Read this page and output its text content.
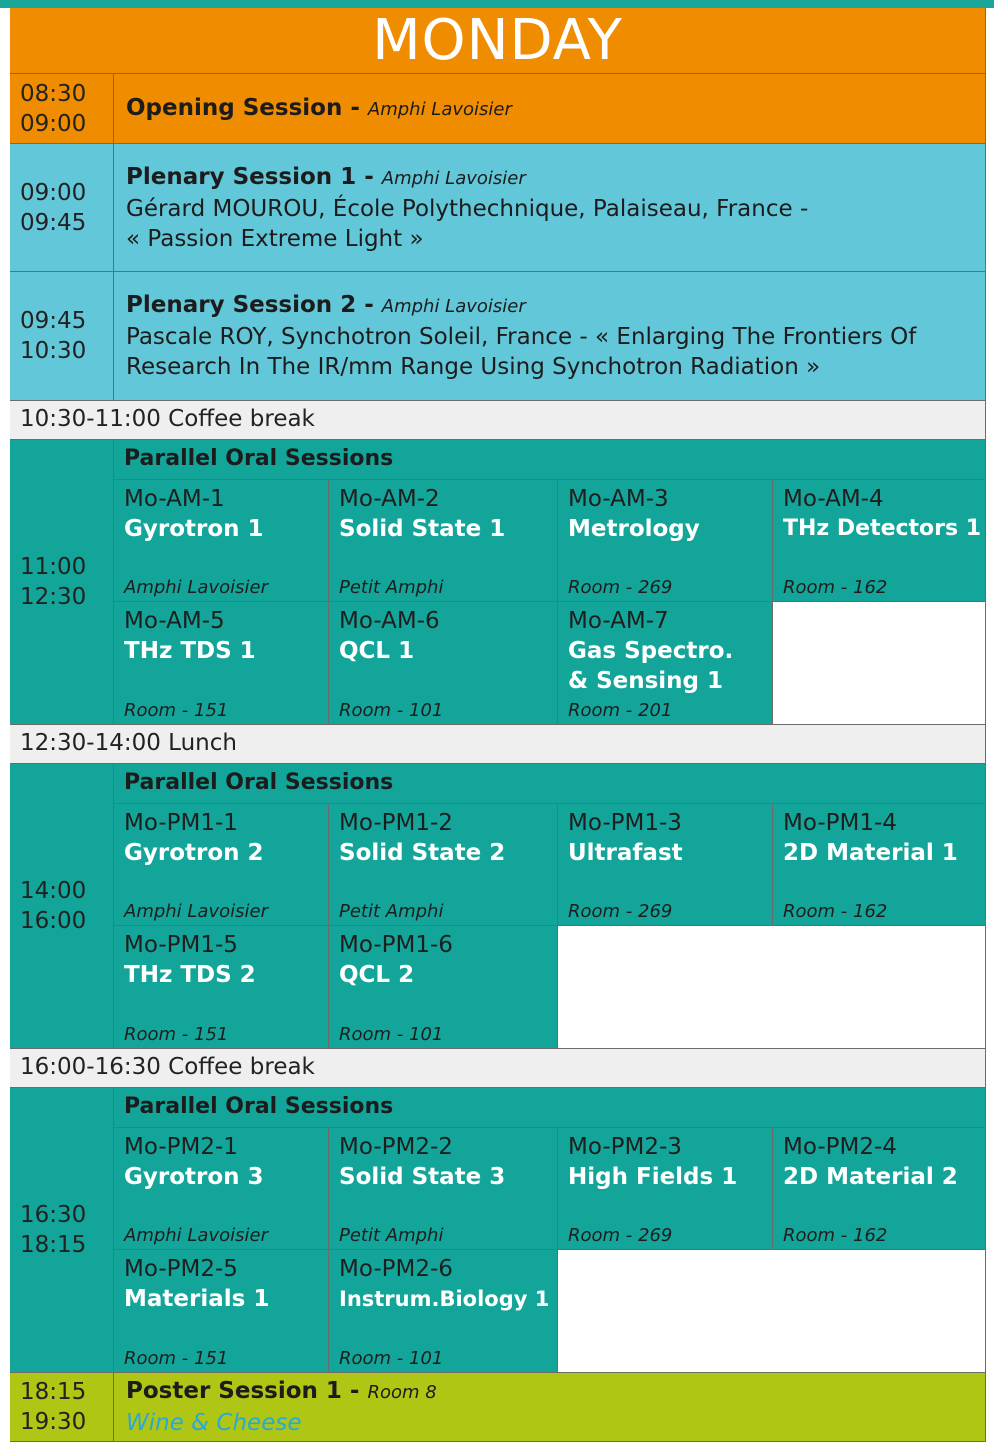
MONDAY
08:30
09:00
Opening Session - Amphi Lavoisier
09:00
09:45
Plenary Session 1 - Amphi Lavoisier
Gérard MOUROU, École Polythechnique, Palaiseau, France -
« Passion Extreme Light »
09:45
10:30
Plenary Session 2 - Amphi Lavoisier
Pascale ROY, Synchotron Soleil, France - « Enlarging The Frontiers Of
Research In The IR/mm Range Using Synchotron Radiation »
10:30-11:00 Coffee break
11:00
12:30
Parallel Oral Sessions
Mo-AM-1
Gyrotron 1
Amphi Lavoisier
Mo-AM-2
Solid State 1
Petit Amphi
Mo-AM-3
Metrology
Room - 269
Mo-AM-4
THz Detectors 1
Room - 162
Mo-AM-5
THz TDS 1
Room - 151
Mo-AM-6
QCL 1
Room - 101
Mo-AM-7
Gas Spectro.
& Sensing 1
Room - 201
12:30-14:00 Lunch
14:00
16:00
Parallel Oral Sessions
Mo-PM1-1
Gyrotron 2
Amphi Lavoisier
Mo-PM1-2
Solid State 2
Petit Amphi
Mo-PM1-3
Ultrafast
Room - 269
Mo-PM1-4
2D Material 1
Room - 162
Mo-PM1-5
THz TDS 2
Room - 151
Mo-PM1-6
QCL 2
Room - 101
16:00-16:30 Coffee break
16:30
18:15
Parallel Oral Sessions
Mo-PM2-1
Gyrotron 3
Amphi Lavoisier
Mo-PM2-2
Solid State 3
Petit Amphi
Mo-PM2-3
High Fields 1
Room - 269
Mo-PM2-4
2D Material 2
Room - 162
Mo-PM2-5
Materials 1
Room - 151
Mo-PM2-6
Instrum.Biology 1
Room - 101
18:15
19:30
Poster Session 1 - Room 8
Wine & Cheese
